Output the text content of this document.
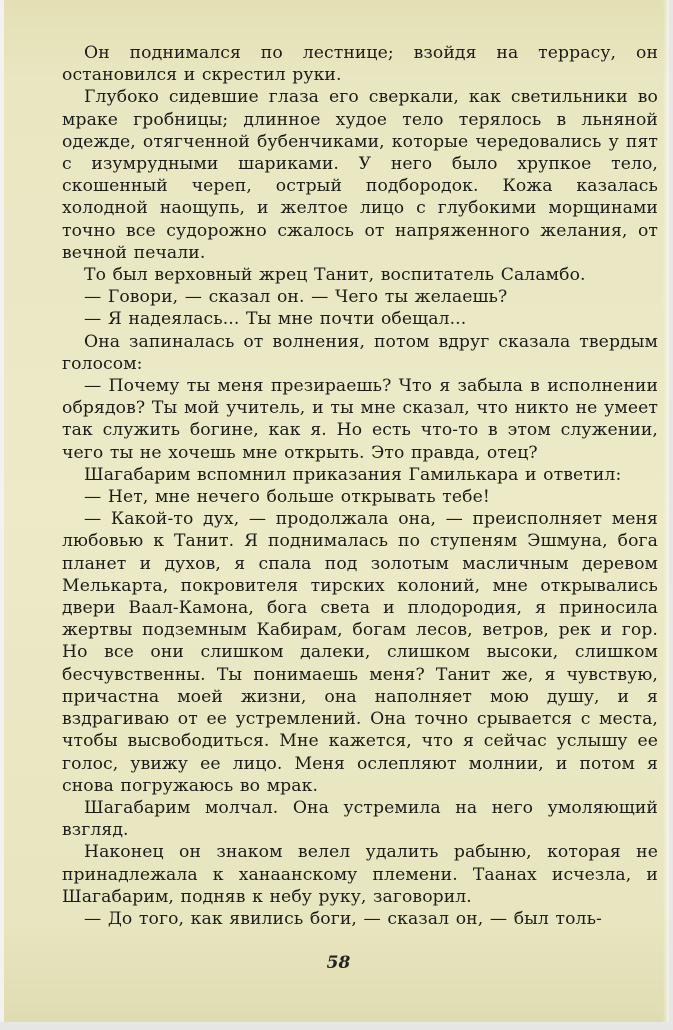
Он поднимался по лестнице; взойдя на террасу, он остановился и скрестил руки.

Глубоко сидевшие глаза его сверкали, как светильники во мраке гробницы; длинное худое тело терялось в льняной одежде, отягченной бубенчиками, которые чередовались у пят с изумрудными шариками. У него было хрупкое тело, скошенный череп, острый подбородок. Кожа казалась холодной наощупь, и желтое лицо с глубокими морщинами точно все судорожно сжалось от напряженного желания, от вечной печали.

То был верховный жрец Танит, воспитатель Саламбо.

— Говори, — сказал он. — Чего ты желаешь?

— Я надеялась... Ты мне почти обещал...

Она запиналась от волнения, потом вдруг сказала твердым голосом:

— Почему ты меня презираешь? Что я забыла в исполнении обрядов? Ты мой учитель, и ты мне сказал, что никто не умеет так служить богине, как я. Но есть что-то в этом служении, чего ты не хочешь мне открыть. Это правда, отец?

Шагабарим вспомнил приказания Гамилькара и ответил:

— Нет, мне нечего больше открывать тебе!

— Какой-то дух, — продолжала она, — преисполняет меня любовью к Танит. Я поднималась по ступеням Эшмуна, бога планет и духов, я спала под золотым масличным деревом Мелькарта, покровителя тирских колоний, мне открывались двери Ваал-Камона, бога света и плодородия, я приносила жертвы подземным Кабирам, богам лесов, ветров, рек и гор. Но все они слишком далеки, слишком высоки, слишком бесчувственны. Ты понимаешь меня? Танит же, я чувствую, причастна моей жизни, она наполняет мою душу, и я вздрагиваю от ее устремлений. Она точно срывается с места, чтобы высвободиться. Мне кажется, что я сейчас услышу ее голос, увижу ее лицо. Меня ослепляют молнии, и потом я снова погружаюсь во мрак.

Шагабарим молчал. Она устремила на него умоляющий взгляд.

Наконец он знаком велел удалить рабыню, которая не принадлежала к ханаанскому племени. Таанах исчезла, и Шагабарим, подняв к небу руку, заговорил.

— До того, как явились боги, — сказал он, — был толь-

58
